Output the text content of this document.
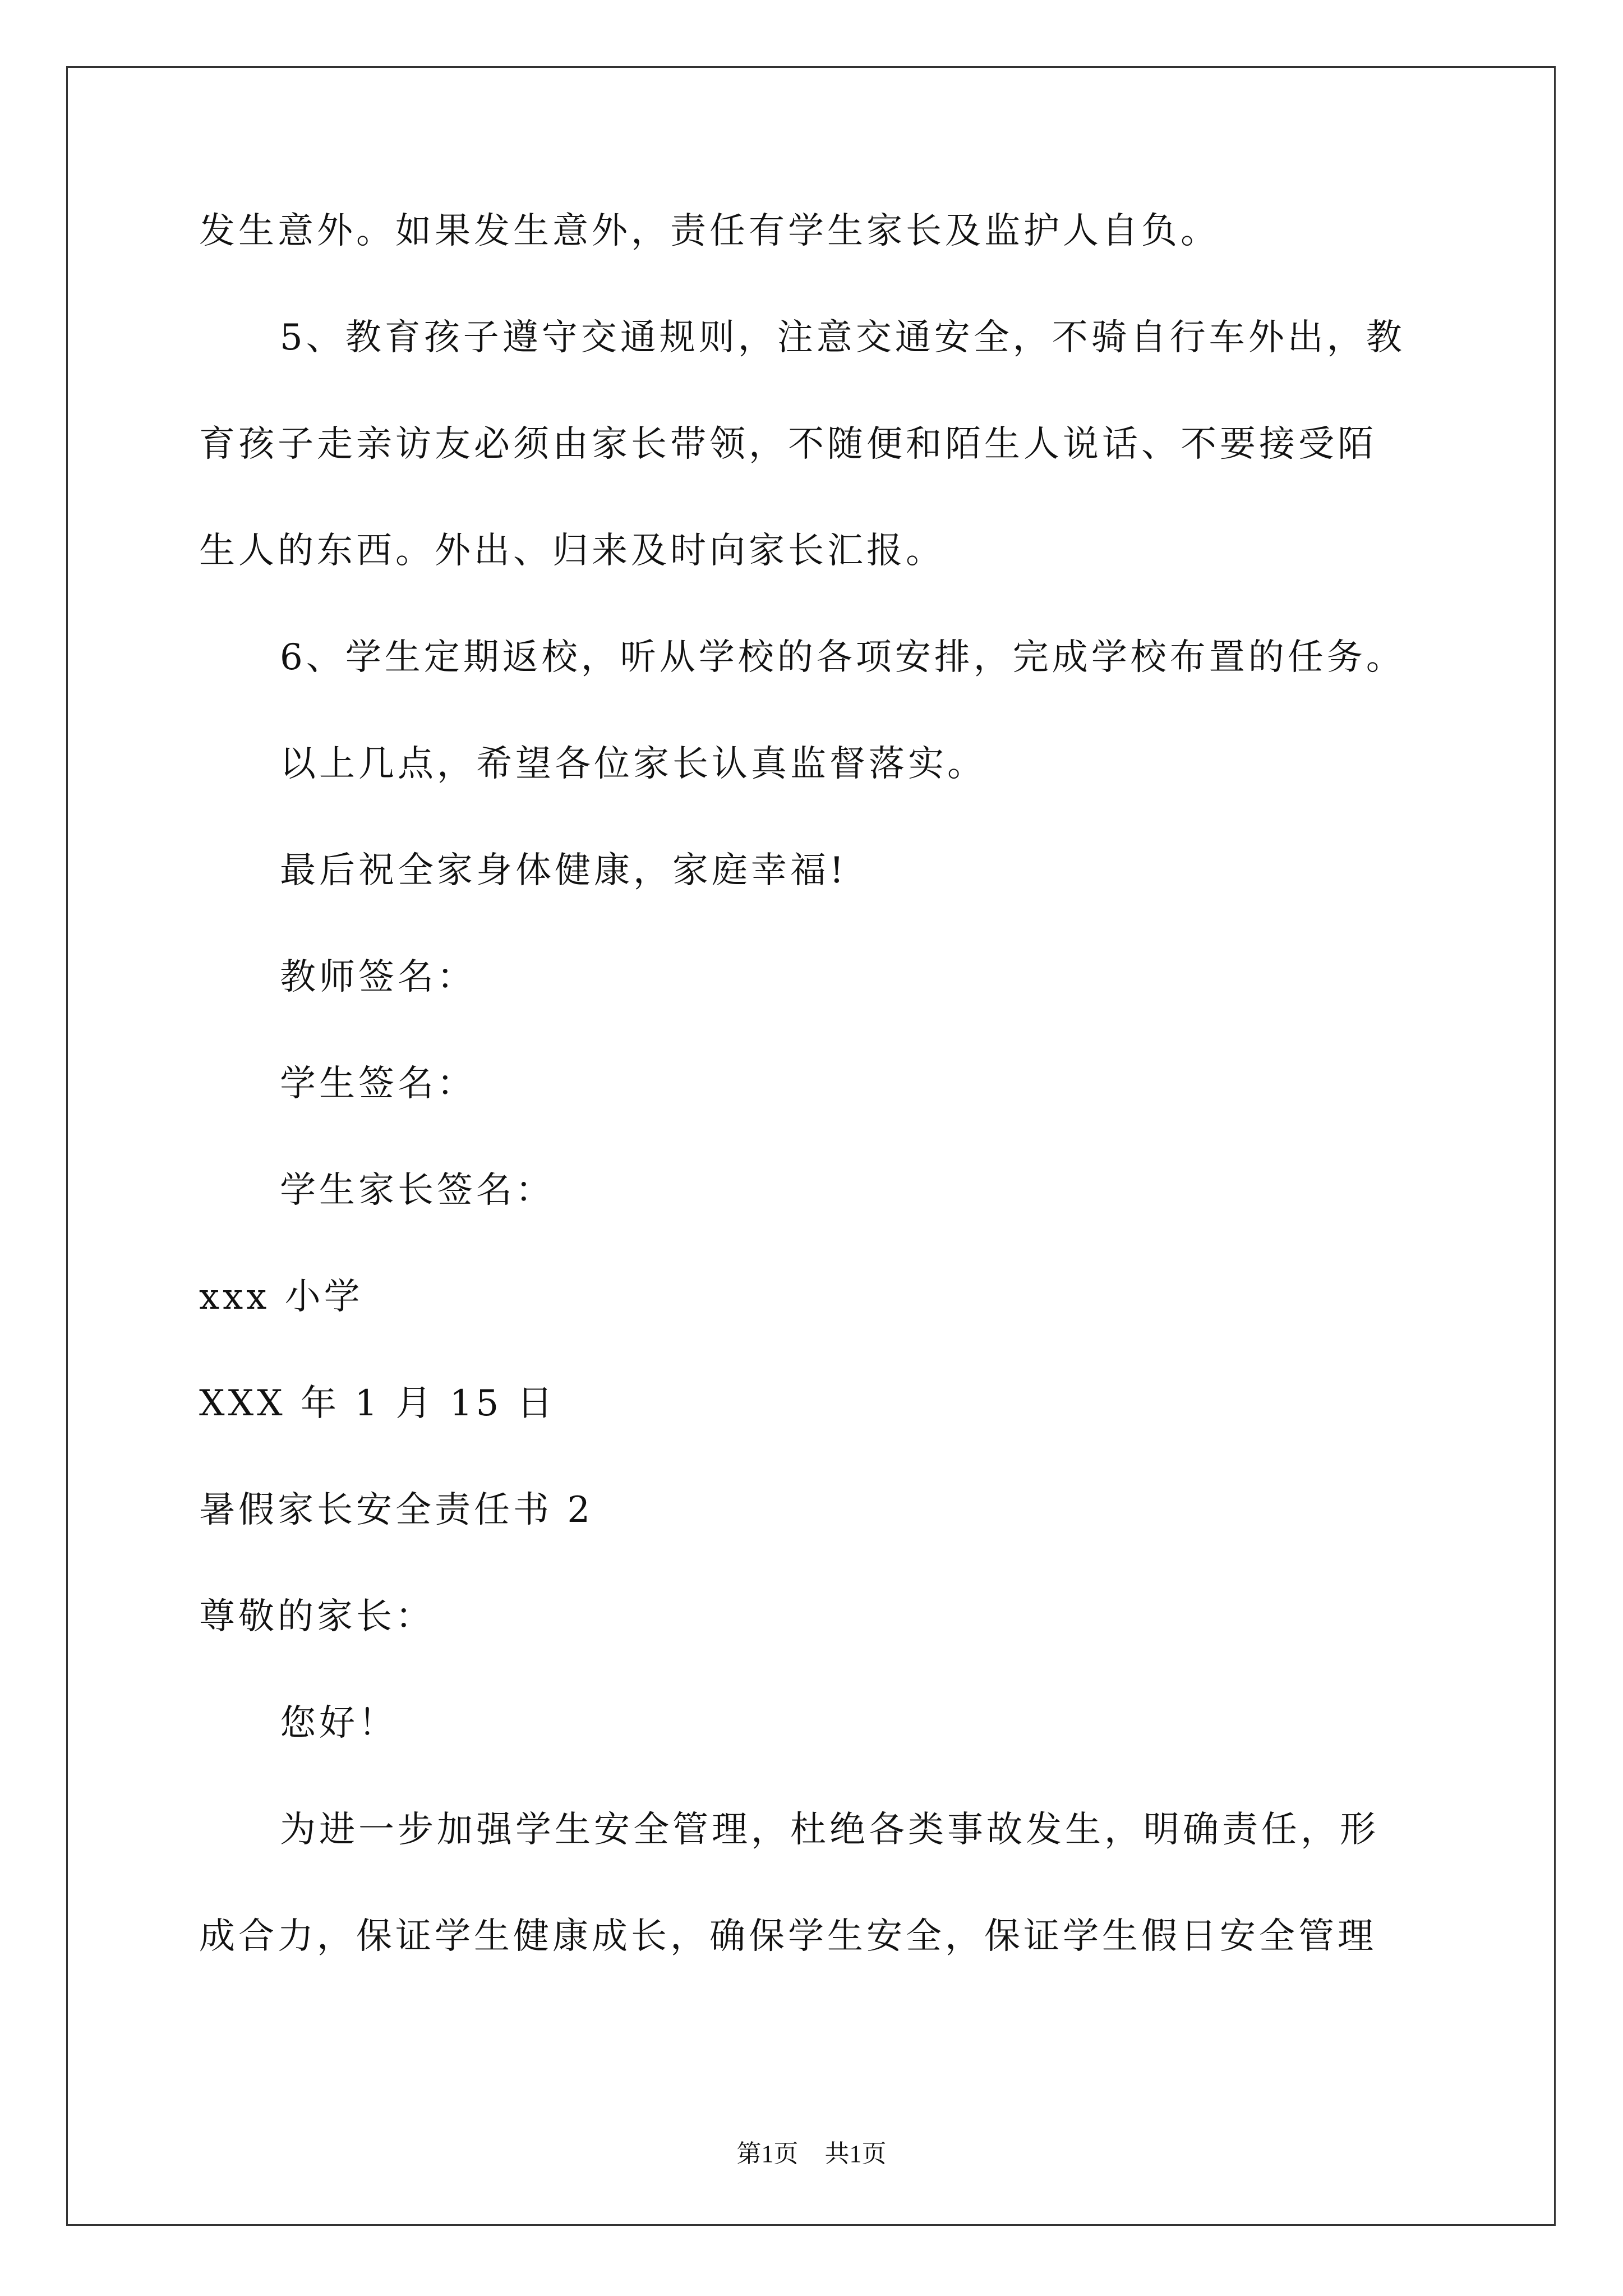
发生意外。如果发生意外，责任有学生家长及监护人自负。
5、教育孩子遵守交通规则，注意交通安全，不骑自行车外出，教
育孩子走亲访友必须由家长带领，不随便和陌生人说话、不要接受陌
生人的东西。外出、归来及时向家长汇报。
6、学生定期返校，听从学校的各项安排，完成学校布置的任务。
以上几点，希望各位家长认真监督落实。
最后祝全家身体健康，家庭幸福!
教师签名：
学生签名：
学生家长签名：
xxx 小学
XXX 年 1 月 15 日
暑假家长安全责任书 2
尊敬的家长：
您好！
为进一步加强学生安全管理，杜绝各类事故发生，明确责任，形
成合力，保证学生健康成长，确保学生安全，保证学生假日安全管理
第1页 共1页
